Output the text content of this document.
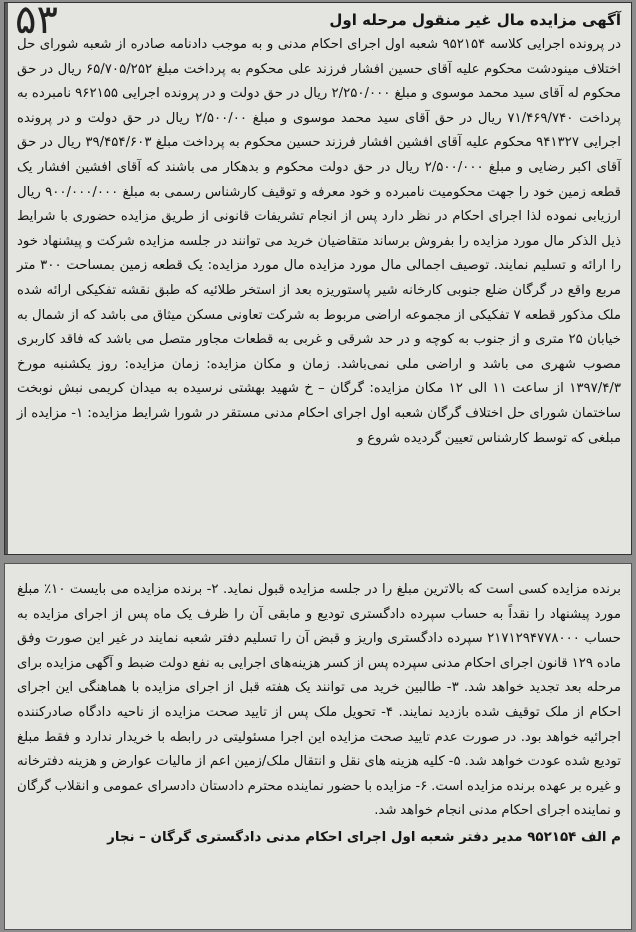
۵۳	آگهی مزایده مال غیر منقول مرحله اول

در پرونده اجرایی کلاسه ۹۵۲۱۵۴ شعبه اول اجرای احکام مدنی و به موجب دادنامه صادره از شعبه شورای حل اختلاف مینودشت محکوم علیه آقای حسین افشار فرزند علی محکوم به پرداخت مبلغ ۶۵/۷۰۵/۲۵۲ ریال در حق محکوم له آقای سید محمد موسوی و مبلغ ۲/۲۵۰/۰۰۰ ریال در حق دولت و در پرونده اجرایی ۹۶۲۱۵۵ نامبرده به پرداخت ۷۱/۴۶۹/۷۴۰ ریال در حق آقای سید محمد موسوی و مبلغ ۲/۵۰۰/۰۰ ریال در حق دولت و در پرونده اجرایی ۹۴۱۳۲۷ محکوم علیه آقای افشین افشار فرزند حسین محکوم به پرداخت مبلغ ۳۹/۴۵۴/۶۰۳ ریال در حق آقای اکبر رضایی و مبلغ ۲/۵۰۰/۰۰۰ ریال در حق دولت محکوم و بدهکار می باشند که آقای افشین افشار یک قطعه زمین خود را جهت محکومیت نامبرده و خود معرفه و توقیف کارشناس رسمی به مبلغ ۹۰۰/۰۰۰/۰۰۰ ریال ارزیابی نموده لذا اجرای احکام در نظر دارد پس از انجام تشریفات قانونی از طریق مزایده حضوری با شرایط ذیل الذکر مال مورد مزایده را بفروش برساند متقاضیان خرید می توانند در جلسه مزایده شرکت و پیشنهاد خود را ارائه و تسلیم نمایند. توصیف اجمالی مال مورد مزایده مال مورد مزایده: یک قطعه زمین بمساحت ۳۰۰ متر مربع واقع در گرگان ضلع جنوبی کارخانه شیر پاستوریزه بعد از استخر طلائیه که طبق نقشه تفکیکی ارائه شده ملک مذکور قطعه ۷ تفکیکی از مجموعه اراضی مربوط به شرکت تعاونی مسکن میثاق می باشد که از شمال به خیابان ۲۵ متری و از جنوب به کوچه و در حد شرقی و غربی به قطعات مجاور متصل می باشد که فاقد کاربری مصوب شهری می باشد و اراضی ملی نمی‌باشد. زمان و مکان مزایده: زمان مزایده: روز یکشنبه مورخ ۱۳۹۷/۴/۳ از ساعت ۱۱ الی ۱۲ مکان مزایده: گرگان – خ شهید بهشتی نرسیده به میدان کریمی نبش نوبخت ساختمان شورای حل اختلاف گرگان شعبه اول اجرای احکام مدنی مستقر در شورا شرایط مزایده: ۱- مزایده از مبلغی که توسط کارشناس تعیین گردیده شروع و

برنده مزایده کسی است که بالاترین مبلغ را در جلسه مزایده قبول نماید. ۲- برنده مزایده می بایست ۱۰٪ مبلغ مورد پیشنهاد را نقداً به حساب سپرده دادگستری تودیع و مابقی آن را ظرف یک ماه پس از اجرای مزایده به حساب ۲۱۷۱۲۹۴۷۷۸۰۰۰ سپرده دادگستری واریز و قبض آن را تسلیم دفتر شعبه نمایند در غیر این صورت وفق ماده ۱۲۹ قانون اجرای احکام مدنی سپرده پس از کسر هزینه‌های اجرایی به نفع دولت ضبط و آگهی مزایده برای مرحله بعد تجدید خواهد شد. ۳- طالبین خرید می توانند یک هفته قبل از اجرای مزایده با هماهنگی این اجرای احکام از ملک توقیف شده بازدید نمایند. ۴- تحویل ملک پس از تایید صحت مزایده از ناحیه دادگاه صادرکننده اجرائیه خواهد بود. در صورت عدم تایید صحت مزایده این اجرا مسئولیتی در رابطه با خریدار ندارد و فقط مبلغ تودیع شده عودت خواهد شد. ۵- کلیه هزینه های نقل و انتقال ملک/زمین اعم از مالیات عوارض و هزینه دفترخانه و غیره بر عهده برنده مزایده است. ۶- مزایده با حضور نماینده محترم دادستان دادسرای عمومی و انقلاب گرگان و نماینده اجرای احکام مدنی انجام خواهد شد.

م الف ۹۵۲۱۵۴ مدیر دفتر شعبه اول اجرای احکام مدنی دادگستری گرگان – نجار
